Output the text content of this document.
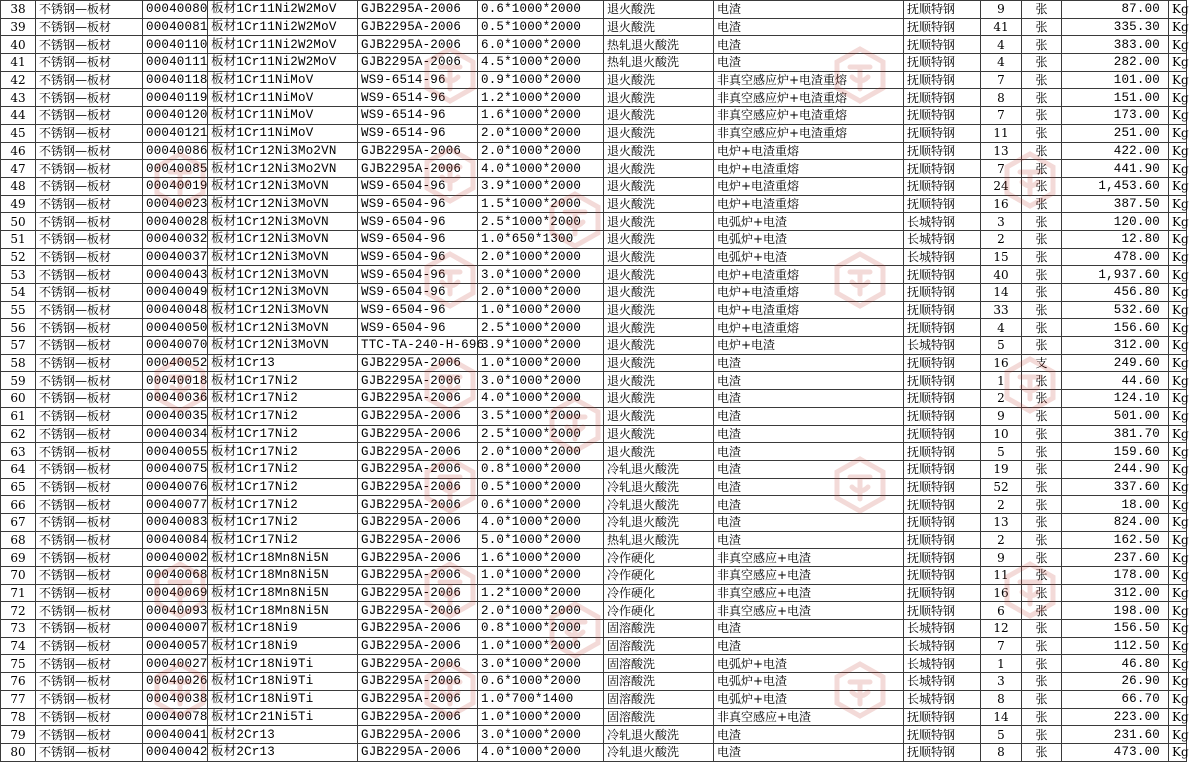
38	不锈钢—板材	00040080	板材1Cr11Ni2W2MoV	GJB2295A-2006	0.6*1000*2000	退火酸洗	电渣	抚顺特钢	9	张	87.00	Kg
39	不锈钢—板材	00040081	板材1Cr11Ni2W2MoV	GJB2295A-2006	0.5*1000*2000	退火酸洗	电渣	抚顺特钢	41	张	335.30	Kg
40	不锈钢—板材	00040110	板材1Cr11Ni2W2MoV	GJB2295A-2006	6.0*1000*2000	热轧退火酸洗	电渣	抚顺特钢	4	张	383.00	Kg
41	不锈钢—板材	00040111	板材1Cr11Ni2W2MoV	GJB2295A-2006	4.5*1000*2000	热轧退火酸洗	电渣	抚顺特钢	4	张	282.00	Kg
42	不锈钢—板材	00040118	板材1Cr11NiMoV	WS9-6514-96	0.9*1000*2000	退火酸洗	非真空感应炉+电渣重熔	抚顺特钢	7	张	101.00	Kg
43	不锈钢—板材	00040119	板材1Cr11NiMoV	WS9-6514-96	1.2*1000*2000	退火酸洗	非真空感应炉+电渣重熔	抚顺特钢	8	张	151.00	Kg
44	不锈钢—板材	00040120	板材1Cr11NiMoV	WS9-6514-96	1.6*1000*2000	退火酸洗	非真空感应炉+电渣重熔	抚顺特钢	7	张	173.00	Kg
45	不锈钢—板材	00040121	板材1Cr11NiMoV	WS9-6514-96	2.0*1000*2000	退火酸洗	非真空感应炉+电渣重熔	抚顺特钢	11	张	251.00	Kg
46	不锈钢—板材	00040086	板材1Cr12Ni3Mo2VN	GJB2295A-2006	2.0*1000*2000	退火酸洗	电炉+电渣重熔	抚顺特钢	13	张	422.00	Kg
47	不锈钢—板材	00040085	板材1Cr12Ni3Mo2VN	GJB2295A-2006	4.0*1000*2000	退火酸洗	电炉+电渣重熔	抚顺特钢	7	张	441.90	Kg
48	不锈钢—板材	00040019	板材1Cr12Ni3MoVN	WS9-6504-96	3.9*1000*2000	退火酸洗	电炉+电渣重熔	抚顺特钢	24	张	1,453.60	Kg
49	不锈钢—板材	00040023	板材1Cr12Ni3MoVN	WS9-6504-96	1.5*1000*2000	退火酸洗	电炉+电渣重熔	抚顺特钢	16	张	387.50	Kg
50	不锈钢—板材	00040028	板材1Cr12Ni3MoVN	WS9-6504-96	2.5*1000*2000	退火酸洗	电弧炉+电渣	长城特钢	3	张	120.00	Kg
51	不锈钢—板材	00040032	板材1Cr12Ni3MoVN	WS9-6504-96	1.0*650*1300	退火酸洗	电弧炉+电渣	长城特钢	2	张	12.80	Kg
52	不锈钢—板材	00040037	板材1Cr12Ni3MoVN	WS9-6504-96	2.0*1000*2000	退火酸洗	电弧炉+电渣	长城特钢	15	张	478.00	Kg
53	不锈钢—板材	00040043	板材1Cr12Ni3MoVN	WS9-6504-96	3.0*1000*2000	退火酸洗	电炉+电渣重熔	抚顺特钢	40	张	1,937.60	Kg
54	不锈钢—板材	00040049	板材1Cr12Ni3MoVN	WS9-6504-96	2.0*1000*2000	退火酸洗	电炉+电渣重熔	抚顺特钢	14	张	456.80	Kg
55	不锈钢—板材	00040048	板材1Cr12Ni3MoVN	WS9-6504-96	1.0*1000*2000	退火酸洗	电炉+电渣重熔	抚顺特钢	33	张	532.60	Kg
56	不锈钢—板材	00040050	板材1Cr12Ni3MoVN	WS9-6504-96	2.5*1000*2000	退火酸洗	电炉+电渣重熔	抚顺特钢	4	张	156.60	Kg
57	不锈钢—板材	00040070	板材1Cr12Ni3MoVN	TTC-TA-240-H-696	3.9*1000*2000	退火酸洗	电炉+电渣	长城特钢	5	张	312.00	Kg
58	不锈钢—板材	00040052	板材1Cr13	GJB2295A-2006	1.0*1000*2000	退火酸洗	电渣	抚顺特钢	16	支	249.60	Kg
59	不锈钢—板材	00040018	板材1Cr17Ni2	GJB2295A-2006	3.0*1000*2000	退火酸洗	电渣	抚顺特钢	1	张	44.60	Kg
60	不锈钢—板材	00040036	板材1Cr17Ni2	GJB2295A-2006	4.0*1000*2000	退火酸洗	电渣	抚顺特钢	2	张	124.10	Kg
61	不锈钢—板材	00040035	板材1Cr17Ni2	GJB2295A-2006	3.5*1000*2000	退火酸洗	电渣	抚顺特钢	9	张	501.00	Kg
62	不锈钢—板材	00040034	板材1Cr17Ni2	GJB2295A-2006	2.5*1000*2000	退火酸洗	电渣	抚顺特钢	10	张	381.70	Kg
63	不锈钢—板材	00040055	板材1Cr17Ni2	GJB2295A-2006	2.0*1000*2000	退火酸洗	电渣	抚顺特钢	5	张	159.60	Kg
64	不锈钢—板材	00040075	板材1Cr17Ni2	GJB2295A-2006	0.8*1000*2000	冷轧退火酸洗	电渣	抚顺特钢	19	张	244.90	Kg
65	不锈钢—板材	00040076	板材1Cr17Ni2	GJB2295A-2006	0.5*1000*2000	冷轧退火酸洗	电渣	抚顺特钢	52	张	337.60	Kg
66	不锈钢—板材	00040077	板材1Cr17Ni2	GJB2295A-2006	0.6*1000*2000	冷轧退火酸洗	电渣	抚顺特钢	2	张	18.00	Kg
67	不锈钢—板材	00040083	板材1Cr17Ni2	GJB2295A-2006	4.0*1000*2000	冷轧退火酸洗	电渣	抚顺特钢	13	张	824.00	Kg
68	不锈钢—板材	00040084	板材1Cr17Ni2	GJB2295A-2006	5.0*1000*2000	热轧退火酸洗	电渣	抚顺特钢	2	张	162.50	Kg
69	不锈钢—板材	00040002	板材1Cr18Mn8Ni5N	GJB2295A-2006	1.6*1000*2000	冷作硬化	非真空感应+电渣	抚顺特钢	9	张	237.60	Kg
70	不锈钢—板材	00040068	板材1Cr18Mn8Ni5N	GJB2295A-2006	1.0*1000*2000	冷作硬化	非真空感应+电渣	抚顺特钢	11	张	178.00	Kg
71	不锈钢—板材	00040069	板材1Cr18Mn8Ni5N	GJB2295A-2006	1.2*1000*2000	冷作硬化	非真空感应+电渣	抚顺特钢	16	张	312.00	Kg
72	不锈钢—板材	00040093	板材1Cr18Mn8Ni5N	GJB2295A-2006	2.0*1000*2000	冷作硬化	非真空感应+电渣	抚顺特钢	6	张	198.00	Kg
73	不锈钢—板材	00040007	板材1Cr18Ni9	GJB2295A-2006	0.8*1000*2000	固溶酸洗	电渣	长城特钢	12	张	156.50	Kg
74	不锈钢—板材	00040057	板材1Cr18Ni9	GJB2295A-2006	1.0*1000*2000	固溶酸洗	电渣	长城特钢	7	张	112.50	Kg
75	不锈钢—板材	00040027	板材1Cr18Ni9Ti	GJB2295A-2006	3.0*1000*2000	固溶酸洗	电弧炉+电渣	长城特钢	1	张	46.80	Kg
76	不锈钢—板材	00040026	板材1Cr18Ni9Ti	GJB2295A-2006	0.6*1000*2000	固溶酸洗	电弧炉+电渣	长城特钢	3	张	26.90	Kg
77	不锈钢—板材	00040038	板材1Cr18Ni9Ti	GJB2295A-2006	1.0*700*1400	固溶酸洗	电弧炉+电渣	长城特钢	8	张	66.70	Kg
78	不锈钢—板材	00040078	板材1Cr21Ni5Ti	GJB2295A-2006	1.0*1000*2000	固溶酸洗	非真空感应+电渣	抚顺特钢	14	张	223.00	Kg
79	不锈钢—板材	00040041	板材2Cr13	GJB2295A-2006	3.0*1000*2000	冷轧退火酸洗	电渣	抚顺特钢	5	张	231.60	Kg
80	不锈钢—板材	00040042	板材2Cr13	GJB2295A-2006	4.0*1000*2000	冷轧退火酸洗	电渣	抚顺特钢	8	张	473.00	Kg
